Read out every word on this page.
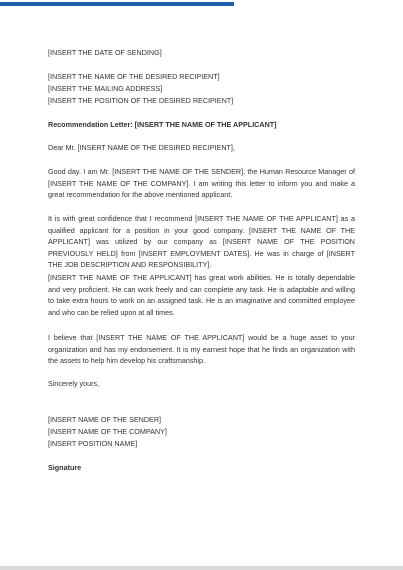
[INSERT THE DATE OF SENDING]
[INSERT THE NAME OF THE DESIRED RECIPIENT]
[INSERT THE MAILING ADDRESS]
[INSERT THE POSITION OF THE DESIRED RECIPIENT]
Recommendation Letter: [INSERT THE NAME OF THE APPLICANT]
Dear Mr. [INSERT NAME OF THE DESIRED RECIPIENT],
Good day. I am Mr. [INSERT THE NAME OF THE SENDER], the Human Resource Manager of [INSERT THE NAME OF THE COMPANY]. I am writing this letter to inform you and make a great recommendation for the above mentioned applicant.
It is with great confidence that I recommend [INSERT THE NAME OF THE APPLICANT] as a qualified applicant for a position in your good company. [INSERT THE NAME OF THE APPLICANT] was utilized by our company as [INSERT NAME OF THE POSITION PREVIOUSLY HELD] from [INSERT EMPLOYMENT DATES]. He was in charge of [INSERT THE JOB DESCRIPTION AND RESPONSIBILITY].
[INSERT THE NAME OF THE APPLICANT] has great work abilities. He is totally dependable and very proficient. He can work freely and can complete any task. He is adaptable and willing to take extra hours to work on an assigned task. He is an imaginative and committed employee and who can be relied upon at all times.
I believe that [INSERT THE NAME OF THE APPLICANT] would be a huge asset to your organization and has my endorsement. It is my earnest hope that he finds an organization with the assets to help him develop his craftsmanship.
Sincerely yours,
[INSERT NAME OF THE SENDER]
[INSERT NAME OF THE COMPANY]
[INSERT POSITION NAME]
Signature
